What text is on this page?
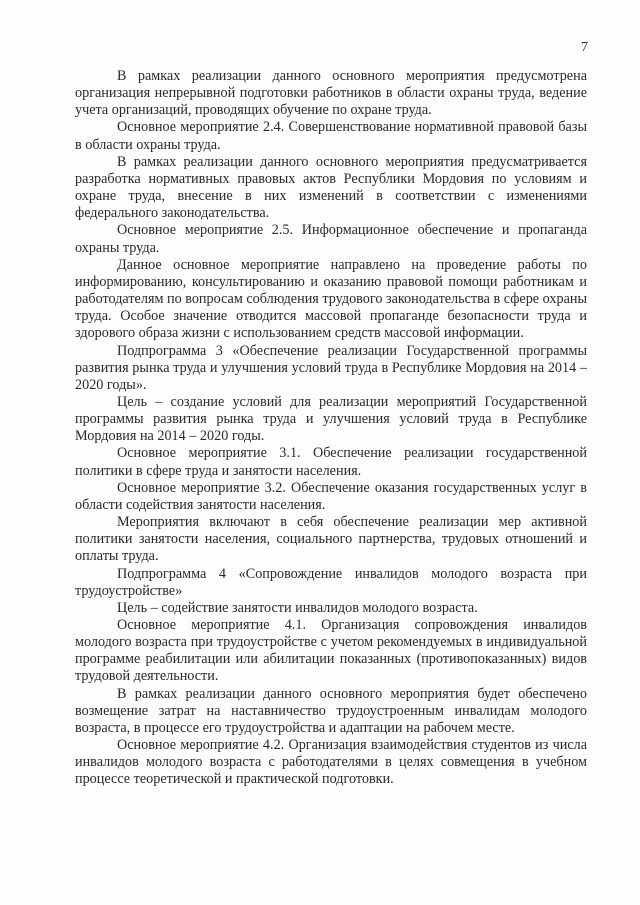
7

В рамках реализации данного основного мероприятия предусмотрена организация непрерывной подготовки работников в области охраны труда, ведение учета организаций, проводящих обучение по охране труда.

Основное мероприятие 2.4. Совершенствование нормативной правовой базы в области охраны труда.

В рамках реализации данного основного мероприятия предусматривается разработка нормативных правовых актов Республики Мордовия по условиям и охране труда, внесение в них изменений в соответствии с изменениями федерального законодательства.

Основное мероприятие 2.5. Информационное обеспечение и пропаганда охраны труда.

Данное основное мероприятие направлено на проведение работы по информированию, консультированию и оказанию правовой помощи работникам и работодателям по вопросам соблюдения трудового законодательства в сфере охраны труда. Особое значение отводится массовой пропаганде безопасности труда и здорового образа жизни с использованием средств массовой информации.

Подпрограмма 3 «Обеспечение реализации Государственной программы развития рынка труда и улучшения условий труда в Республике Мордовия на 2014 – 2020 годы».

Цель – создание условий для реализации мероприятий Государственной программы развития рынка труда и улучшения условий труда в Республике Мордовия на 2014 – 2020 годы.

Основное мероприятие 3.1. Обеспечение реализации государственной политики в сфере труда и занятости населения.

Основное мероприятие 3.2. Обеспечение оказания государственных услуг в области содействия занятости населения.

Мероприятия включают в себя обеспечение реализации мер активной политики занятости населения, социального партнерства, трудовых отношений и оплаты труда.

Подпрограмма 4 «Сопровождение инвалидов молодого возраста при трудоустройстве»

Цель – содействие занятости инвалидов молодого возраста.

Основное мероприятие 4.1. Организация сопровождения инвалидов молодого возраста при трудоустройстве с учетом рекомендуемых в индивидуальной программе реабилитации или абилитации показанных (противопоказанных) видов трудовой деятельности.

В рамках реализации данного основного мероприятия будет обеспечено возмещение затрат на наставничество трудоустроенным инвалидам молодого возраста, в процессе его трудоустройства и адаптации на рабочем месте.

Основное мероприятие 4.2. Организация взаимодействия студентов из числа инвалидов молодого возраста с работодателями в целях совмещения в учебном процессе теоретической и практической подготовки.
